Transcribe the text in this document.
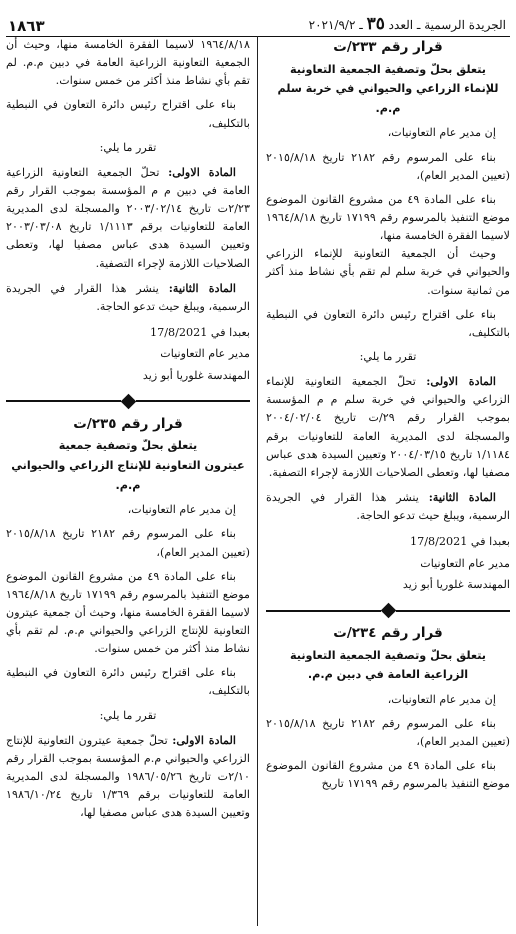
الجريدة الرسمية ـ العدد ٣٥ ـ ٢٠٢١/٩/٢
١٨٦٣
قرار رقم ٢٣٣/ت
يتعلق بحلّ وتصفية الجمعية التعاونية
للإنماء الزراعي والحيواني في خربة سلم م.م.

إن مدير عام التعاونيات،

بناء على المرسوم رقم ٢١٨٢ تاريخ ٢٠١٥/٨/١٨ (تعيين المدير العام)،

بناء على المادة ٤٩ من مشروع القانون الموضوع موضع التنفيذ بالمرسوم رقم ١٧١٩٩ تاريخ ١٩٦٤/٨/١٨ لاسيما الفقرة الخامسة منها،

وحيث أن الجمعية التعاونية للإنماء الزراعي والحيواني في خربة سلم لم تقم بأي نشاط منذ أكثر من ثمانية سنوات.

بناء على اقتراح رئيس دائرة التعاون في النبطية بالتكليف،

تقرر ما يلي:

المادة الاولى: تحلّ الجمعية التعاونية للإنماء الزراعي والحيواني في خربة سلم م م المؤسسة بموجب القرار رقم ٢٩/ت تاريخ ٢٠٠٤/٠٢/٠٤ والمسجلة لدى المديرية العامة للتعاونيات برقم ١/١١٨٤ تاريخ ٢٠٠٤/٠٣/١٥ وتعيين السيدة هدى عباس مصفيا لها، وتعطى الصلاحيات اللازمة لإجراء التصفية.

المادة الثانية: ينشر هذا القرار في الجريدة الرسمية، ويبلغ حيث تدعو الحاجة.

بعبدا في 17/8/2021
مدير عام التعاونيات
المهندسة غلوريا أبو زيد
قرار رقم ٢٣٤/ت
يتعلق بحلّ وتصفية الجمعية التعاونية
الزراعية العامة في دبين م.م.

إن مدير عام التعاونيات،

بناء على المرسوم رقم ٢١٨٢ تاريخ ٢٠١٥/٨/١٨ (تعيين المدير العام)،

بناء على المادة ٤٩ من مشروع القانون الموضوع موضع التنفيذ بالمرسوم رقم ١٧١٩٩ تاريخ

١٩٦٤/٨/١٨ لاسيما الفقرة الخامسة منها، وحيث أن الجمعية التعاونية الزراعية العامة في دبين م.م. لم تقم بأي نشاط منذ أكثر من خمس سنوات.

بناء على اقتراح رئيس دائرة التعاون في النبطية بالتكليف،

تقرر ما يلي:

المادة الاولى: تحلّ الجمعية التعاونية الزراعية العامة في دبين م م المؤسسة بموجب القرار رقم ٢/٢٣ت تاريخ ٢٠٠٣/٠٢/١٤ والمسجلة لدى المديرية العامة للتعاونيات برقم ١/١١١٣ تاريخ ٢٠٠٣/٠٣/٠٨ وتعيين السيدة هدى عباس مصفيا لها، وتعطى الصلاحيات اللازمة لإجراء التصفية.

المادة الثانية: ينشر هذا القرار في الجريدة الرسمية، ويبلغ حيث تدعو الحاجة.

بعبدا في 17/8/2021
مدير عام التعاونيات
المهندسة غلوريا أبو زيد
قرار رقم ٢٣٥/ت
يتعلق بحلّ وتصفية جمعية
عيترون التعاونية للإنتاج الزراعي والحيواني م.م.

إن مدير عام التعاونيات،

بناء على المرسوم رقم ٢١٨٢ تاريخ ٢٠١٥/٨/١٨ (تعيين المدير العام)،

بناء على المادة ٤٩ من مشروع القانون الموضوع موضع التنفيذ بالمرسوم رقم ١٧١٩٩ تاريخ ١٩٦٤/٨/١٨ لاسيما الفقرة الخامسة منها، وحيث أن جمعية عيترون التعاونية للإنتاج الزراعي والحيواني م.م. لم تقم بأي نشاط منذ أكثر من خمس سنوات.

بناء على اقتراح رئيس دائرة التعاون في النبطية بالتكليف،

تقرر ما يلي:

المادة الاولى: تحلّ جمعية عيترون التعاونية للإنتاج الزراعي والحيواني م.م المؤسسة بموجب القرار رقم ٢/١٠ت تاريخ ١٩٨٦/٠٥/٢٦ والمسجلة لدى المديرية العامة للتعاونيات برقم ١/٣٦٩ تاريخ ١٩٨٦/١٠/٢٤ وتعيين السيدة هدى عباس مصفيا لها،
